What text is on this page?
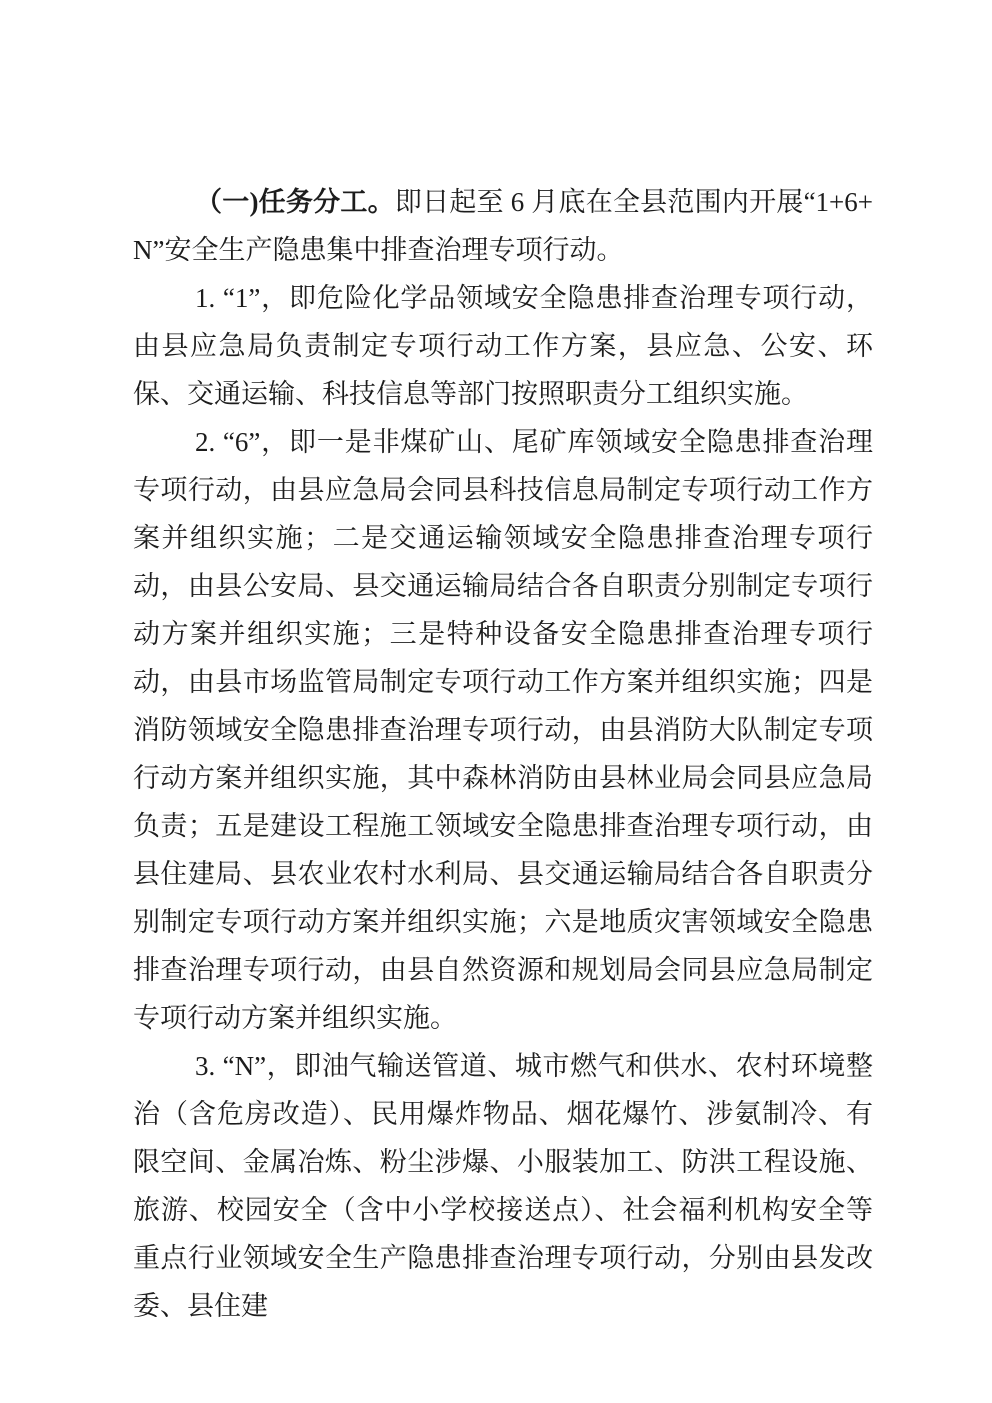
（一)任务分工。即日起至 6 月底在全县范围内开展“1+6+N”安全生产隐患集中排查治理专项行动。

1. “1”，即危险化学品领域安全隐患排查治理专项行动，由县应急局负责制定专项行动工作方案，县应急、公安、环保、交通运输、科技信息等部门按照职责分工组织实施。

2. “6”，即一是非煤矿山、尾矿库领域安全隐患排查治理专项行动，由县应急局会同县科技信息局制定专项行动工作方案并组织实施；二是交通运输领域安全隐患排查治理专项行动，由县公安局、县交通运输局结合各自职责分别制定专项行动方案并组织实施；三是特种设备安全隐患排查治理专项行动，由县市场监管局制定专项行动工作方案并组织实施；四是消防领域安全隐患排查治理专项行动，由县消防大队制定专项行动方案并组织实施，其中森林消防由县林业局会同县应急局负责；五是建设工程施工领域安全隐患排查治理专项行动，由县住建局、县农业农村水利局、县交通运输局结合各自职责分别制定专项行动方案并组织实施；六是地质灾害领域安全隐患排查治理专项行动，由县自然资源和规划局会同县应急局制定专项行动方案并组织实施。

3. “N”，即油气输送管道、城市燃气和供水、农村环境整治（含危房改造）、民用爆炸物品、烟花爆竹、涉氨制冷、有限空间、金属冶炼、粉尘涉爆、小服装加工、防洪工程设施、旅游、校园安全（含中小学校接送点）、社会福利机构安全等重点行业领域安全生产隐患排查治理专项行动，分别由县发改委、县住建
